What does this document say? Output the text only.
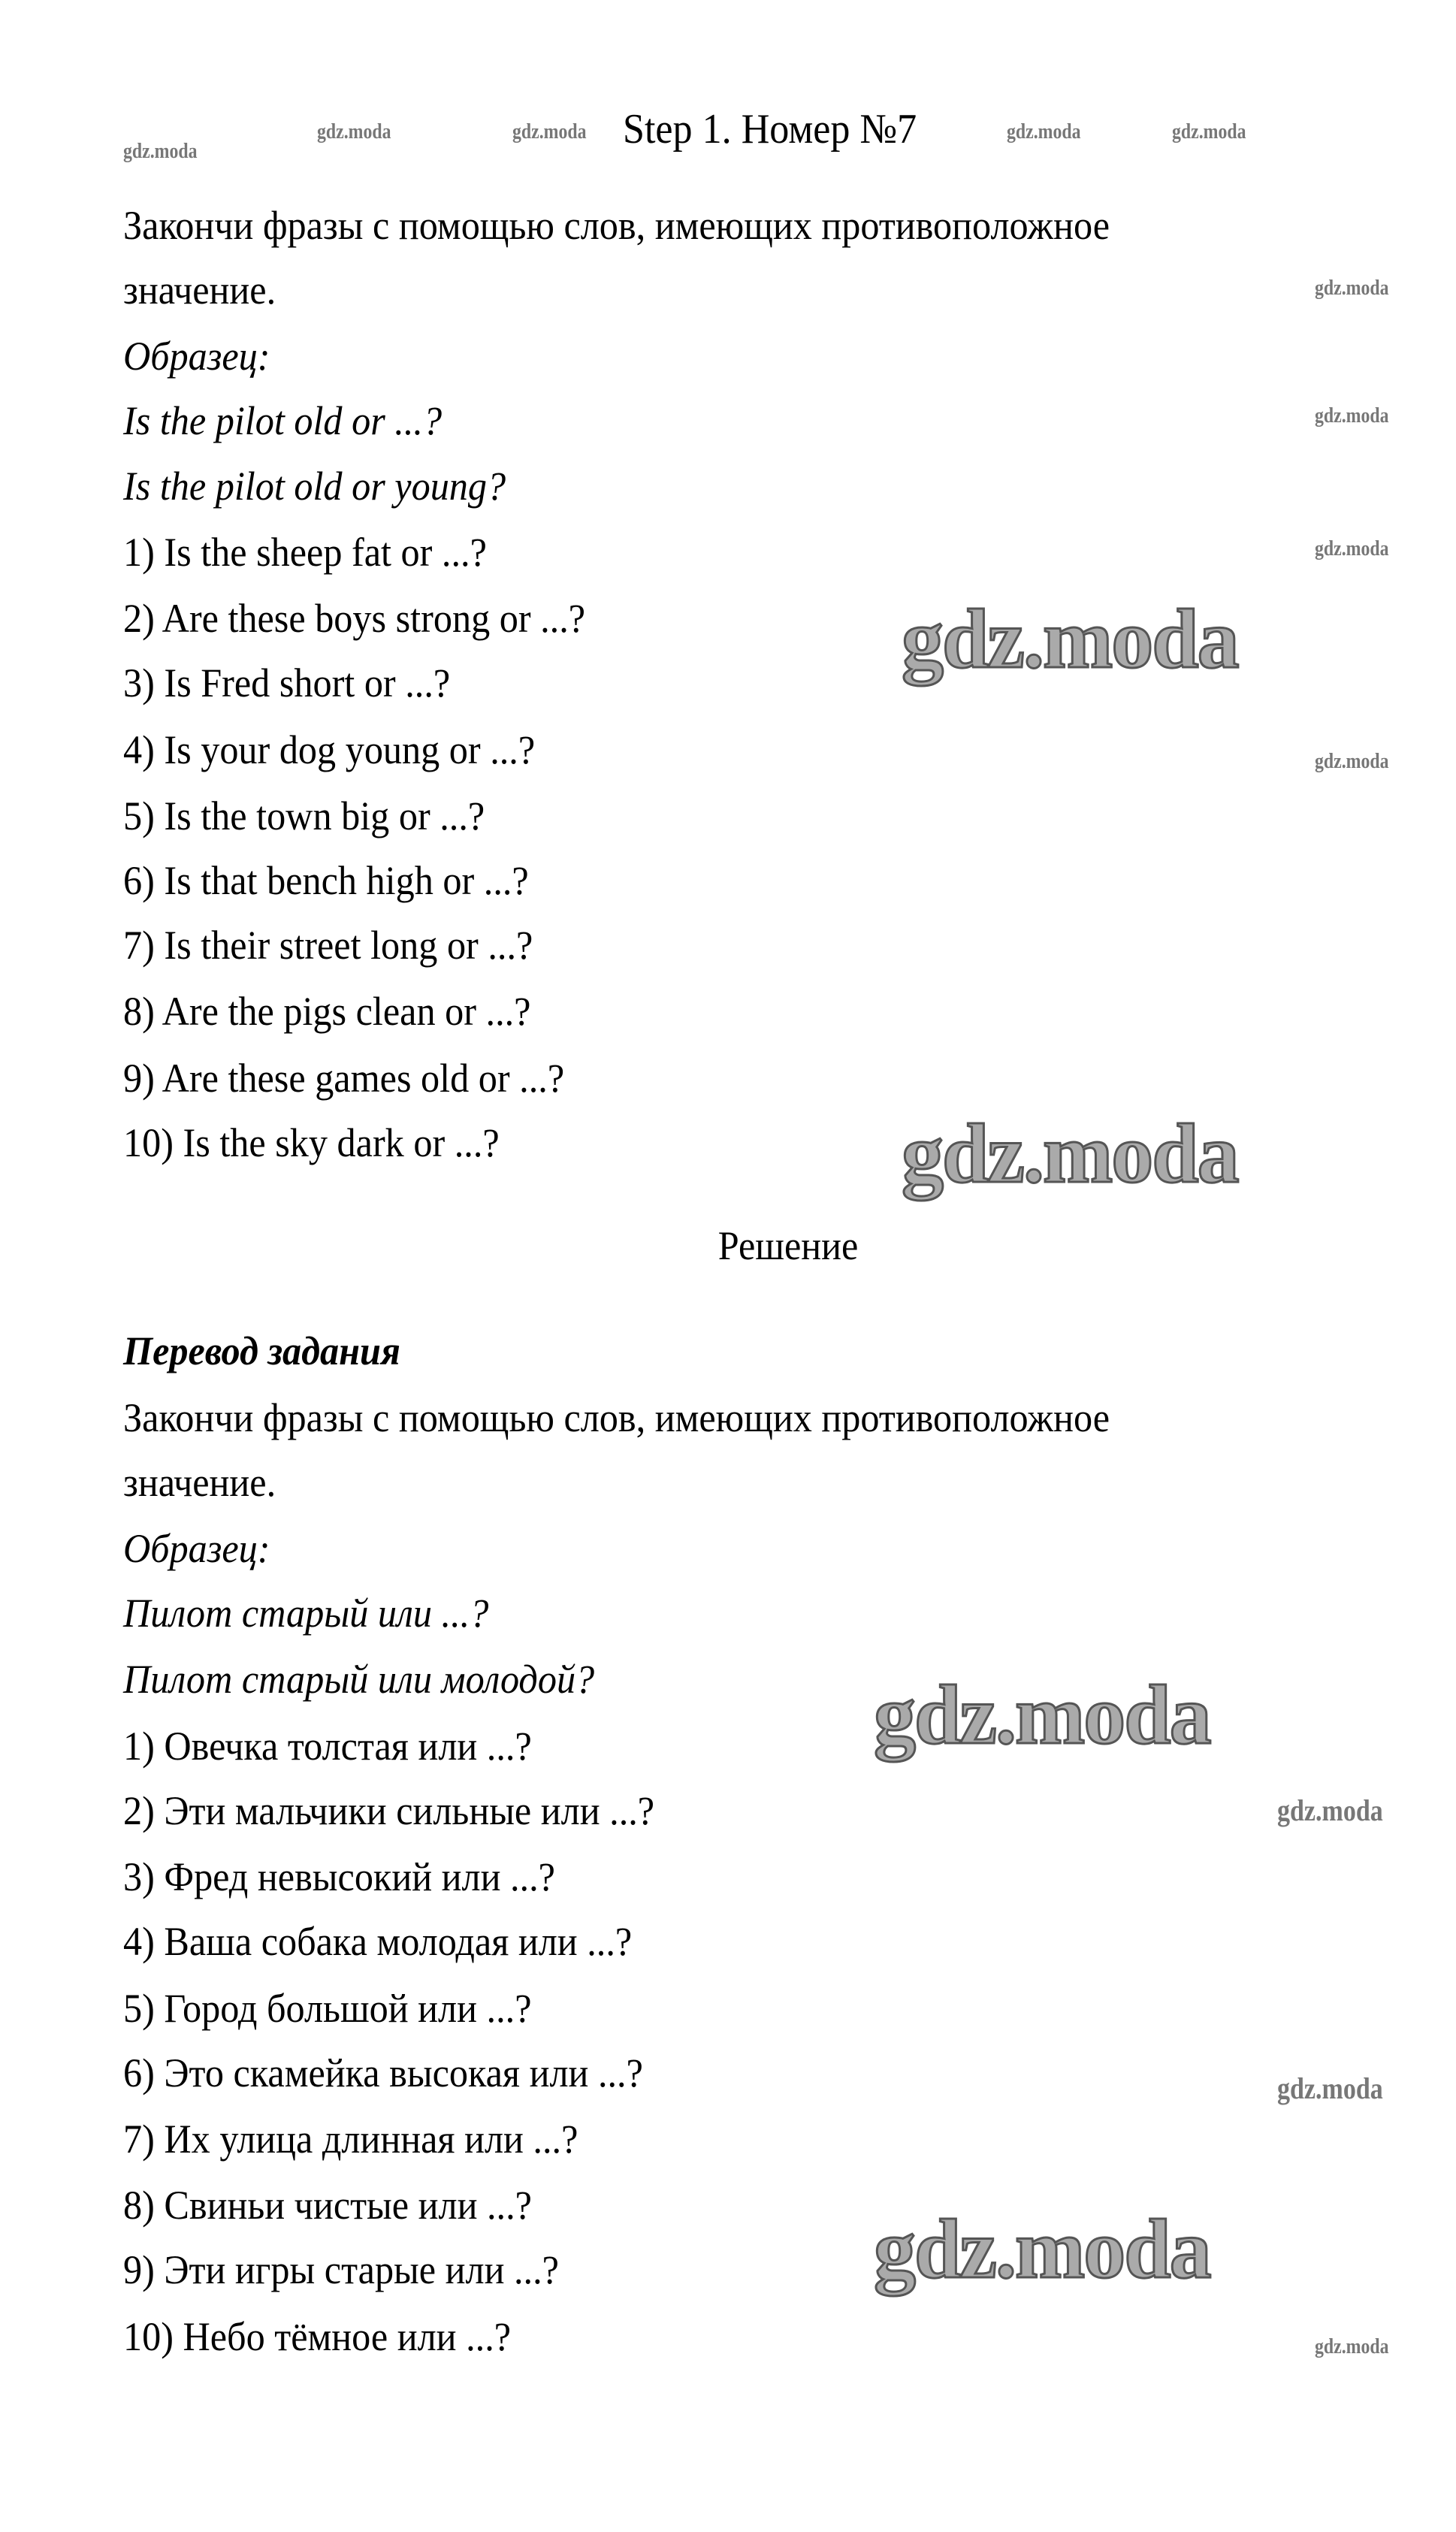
gdz.moda
gdz.moda	gdz.moda	gdz.moda	gdz.moda
gdz.moda
gdz.moda
gdz.moda
gdz.moda
gdz.moda
gdz.moda
gdz.moda
Step 1. Номер №7
Закончи фразы с помощью слов, имеющих противоположное
значение.
Образец:
Is the pilot old or ...?
Is the pilot old or young?
1) Is the sheep fat or ...?
2) Are these boys strong or ...?
3) Is Fred short or ...?
4) Is your dog young or ...?
5) Is the town big or ...?
6) Is that bench high or ...?
7) Is their street long or ...?
8) Are the pigs clean or ...?
9) Are these games old or ...?
10) Is the sky dark or ...?
Решение
Перевод задания
Закончи фразы с помощью слов, имеющих противоположное
значение.
Образец:
Пилот старый или ...?
Пилот старый или молодой?
1) Овечка толстая или ...?
2) Эти мальчики сильные или ...?
3) Фред невысокий или ...?
4) Ваша собака молодая или ...?
5) Город большой или ...?
6) Это скамейка высокая или ...?
7) Их улица длинная или ...?
8) Свиньи чистые или ...?
9) Эти игры старые или ...?
10) Небо тёмное или ...?
gdz.moda
gdz.moda
gdz.moda
gdz.moda
